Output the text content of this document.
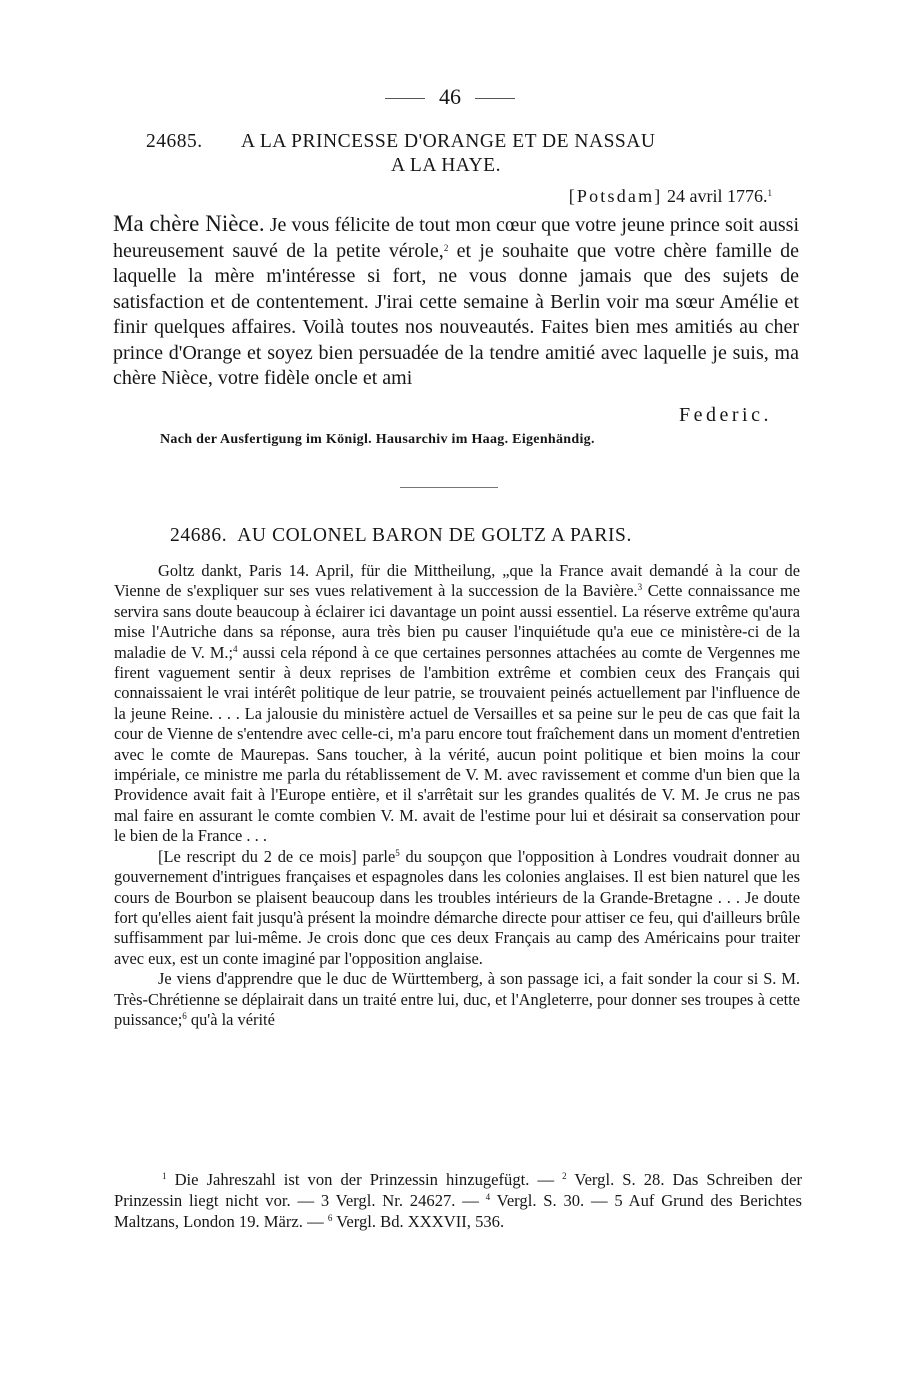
46
24685. A LA PRINCESSE D'ORANGE ET DE NASSAU
A LA HAYE.
[Potsdam] 24 avril 1776.$^1$
Ma chère Nièce. Je vous félicite de tout mon cœur que votre jeune prince soit aussi heureusement sauvé de la petite vérole,$^2$ et je souhaite que votre chère famille de laquelle la mère m'intéresse si fort, ne vous donne jamais que des sujets de satisfaction et de contentement. J'irai cette semaine à Berlin voir ma sœur Amélie et finir quelques affaires. Voilà toutes nos nouveautés. Faites bien mes amitiés au cher prince d'Orange et soyez bien persuadée de la tendre amitié avec laquelle je suis, ma chère Nièce, votre fidèle oncle et ami
Federic.
Nach der Ausfertigung im Königl. Hausarchiv im Haag. Eigenhändig.
24686. AU COLONEL BARON DE GOLTZ A PARIS.

Goltz dankt, Paris 14. April, für die Mittheilung, „que la France avait demandé à la cour de Vienne de s'expliquer sur ses vues relativement à la succession de la Bavière.$^3$ Cette connaissance me servira sans doute beaucoup à éclairer ici davantage un point aussi essentiel. La réserve extrême qu'aura mise l'Autriche dans sa réponse, aura très bien pu causer l'inquiétude qu'a eue ce ministère-ci de la maladie de V. M.;$^4$ aussi cela répond à ce que certaines personnes attachées au comte de Vergennes me firent vaguement sentir à deux reprises de l'ambition extrême et combien ceux des Français qui connaissaient le vrai intérêt politique de leur patrie, se trouvaient peinés actuellement par l'influence de la jeune Reine. . . . La jalousie du ministère actuel de Versailles et sa peine sur le peu de cas que fait la cour de Vienne de s'entendre avec celle-ci, m'a paru encore tout fraîchement dans un moment d'entretien avec le comte de Maurepas. Sans toucher, à la vérité, aucun point politique et bien moins la cour impériale, ce ministre me parla du rétablissement de V. M. avec ravissement et comme d'un bien que la Providence avait fait à l'Europe entière, et il s'arrêtait sur les grandes qualités de V. M. Je crus ne pas mal faire en assurant le comte combien V. M. avait de l'estime pour lui et désirait sa conservation pour le bien de la France . . .

[Le rescript du 2 de ce mois] parle$^5$ du soupçon que l'opposition à Londres voudrait donner au gouvernement d'intrigues françaises et espagnoles dans les colonies anglaises. Il est bien naturel que les cours de Bourbon se plaisent beaucoup dans les troubles intérieurs de la Grande-Bretagne . . . Je doute fort qu'elles aient fait jusqu'à présent la moindre démarche directe pour attiser ce feu, qui d'ailleurs brûle suffisamment par lui-même. Je crois donc que ces deux Français au camp des Américains pour traiter avec eux, est un conte imaginé par l'opposition anglaise.

Je viens d'apprendre que le duc de Württemberg, à son passage ici, a fait sonder la cour si S. M. Très-Chrétienne se déplairait dans un traité entre lui, duc, et l'Angleterre, pour donner ses troupes à cette puissance;$^6$ qu'à la vérité

$^1$ Die Jahreszahl ist von der Prinzessin hinzugefügt. — $^2$ Vergl. S. 28. Das Schreiben der Prinzessin liegt nicht vor. — 3 Vergl. Nr. 24627. — $^4$ Vergl. S. 30. — 5 Auf Grund des Berichtes Maltzans, London 19. März. — $^6$ Vergl. Bd. XXXVII, 536.
